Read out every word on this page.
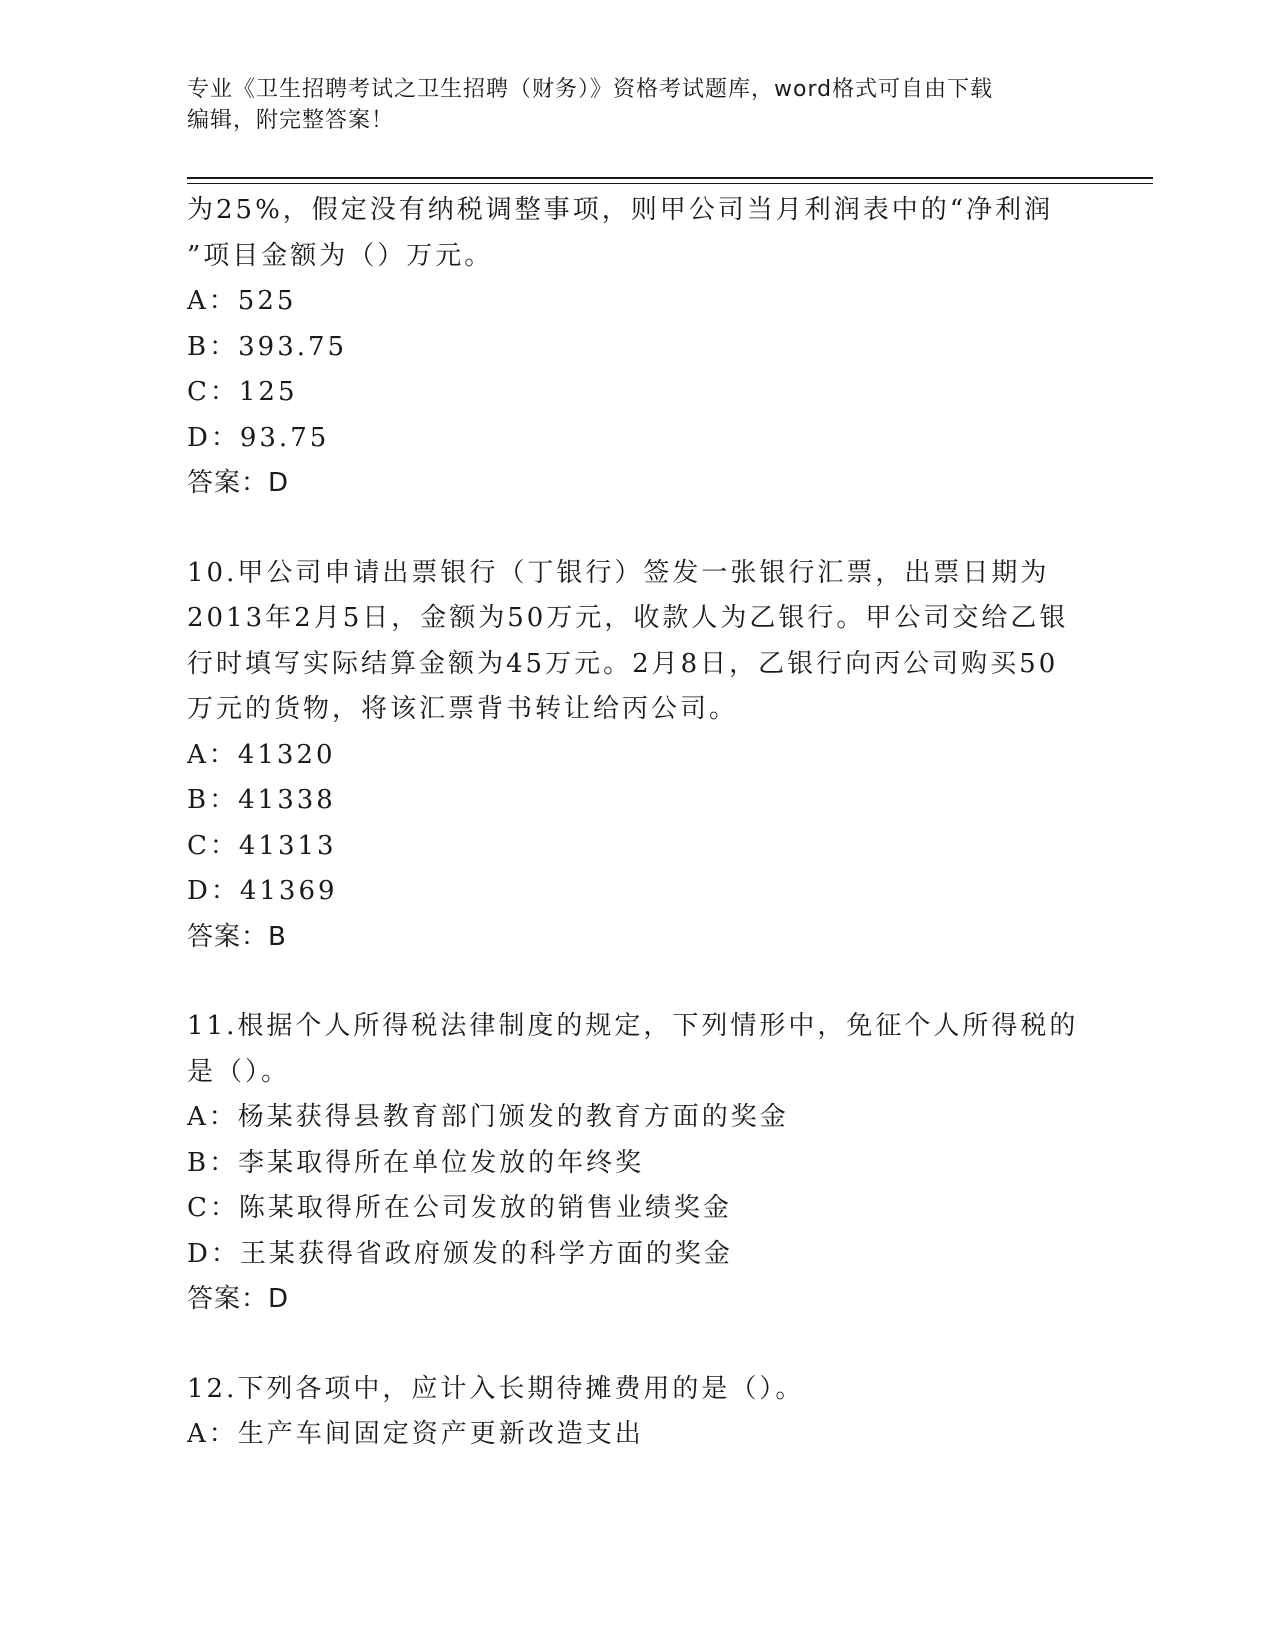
专业《卫生招聘考试之卫生招聘（财务）》资格考试题库，word格式可自由下载
编辑，附完整答案！
为25%，假定没有纳税调整事项，则甲公司当月利润表中的“净利润
”项目金额为（）万元。
A：525
B：393.75
C：125
D：93.75
答案：D
10.甲公司申请出票银行（丁银行）签发一张银行汇票，出票日期为
2013年2月5日，金额为50万元，收款人为乙银行。甲公司交给乙银
行时填写实际结算金额为45万元。2月8日，乙银行向丙公司购买50
万元的货物，将该汇票背书转让给丙公司。
A：41320
B：41338
C：41313
D：41369
答案：B
11.根据个人所得税法律制度的规定，下列情形中，免征个人所得税的
是（）。
A：杨某获得县教育部门颁发的教育方面的奖金
B：李某取得所在单位发放的年终奖
C：陈某取得所在公司发放的销售业绩奖金
D：王某获得省政府颁发的科学方面的奖金
答案：D
12.下列各项中，应计入长期待摊费用的是（）。
A：生产车间固定资产更新改造支出
